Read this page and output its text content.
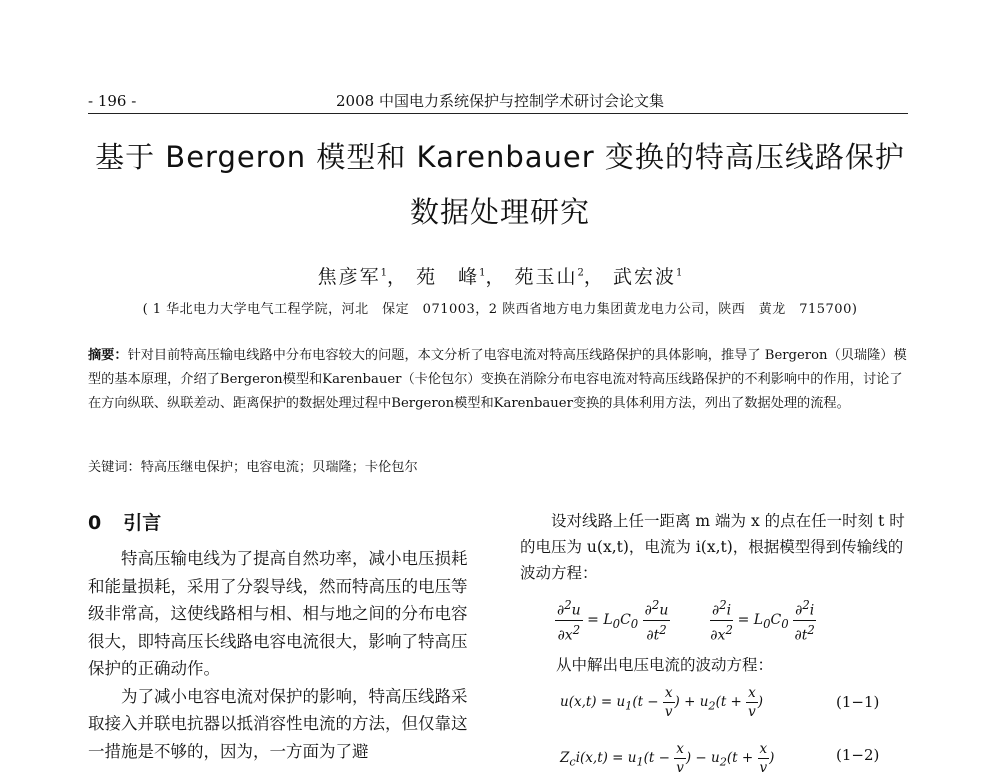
- 196 -	2008 中国电力系统保护与控制学术研讨会论文集
基于 Bergeron 模型和 Karenbauer 变换的特高压线路保护
数据处理研究
焦彦军$^1$， 苑　峰$^1$， 苑玉山$^2$， 武宏波$^1$
( 1 华北电力大学电气工程学院，河北　保定　071003，2 陕西省地方电力集团黄龙电力公司，陕西　黄龙　715700)
摘要：针对目前特高压输电线路中分布电容较大的问题，本文分析了电容电流对特高压线路保护的具体影响，推导了 Bergeron（贝瑞隆）模型的基本原理，介绍了Bergeron模型和Karenbauer（卡伦包尔）变换在消除分布电容电流对特高压线路保护的不利影响中的作用，讨论了在方向纵联、纵联差动、距离保护的数据处理过程中Bergeron模型和Karenbauer变换的具体利用方法，列出了数据处理的流程。
关键词：特高压继电保护；电容电流；贝瑞隆；卡伦包尔
0 引言

特高压输电线为了提高自然功率，减小电压损耗和能量损耗，采用了分裂导线，然而特高压的电压等级非常高，这使线路相与相、相与地之间的分布电容很大，即特高压长线路电容电流很大，影响了特高压保护的正确动作。

为了减小电容电流对保护的影响，特高压线路采取接入并联电抗器以抵消容性电流的方法，但仅靠这一措施是不够的，因为，一方面为了避

设对线路上任一距离 m 端为 x 的点在任一时刻 t 时的电压为 u(x,t)，电流为 i(x,t)，根据模型得到传输线的波动方程：

$\frac{\partial^2u}{\partial x^2} = L_0C_0 \frac{\partial^2u}{\partial t^2}$	$\frac{\partial^2i}{\partial x^2} = L_0C_0 \frac{\partial^2i}{\partial t^2}$
从中解出电压电流的波动方程：
$u(x,t) = u_1(t - \frac{x}{v}$ ) + $u_2(t + \frac{x}{v}$ )	(1−1)
$Z_ci(x,t) = u_1(t - \frac{x}{v}$ ) − $u_2(t + \frac{x}{v}$ )	(1−2)
